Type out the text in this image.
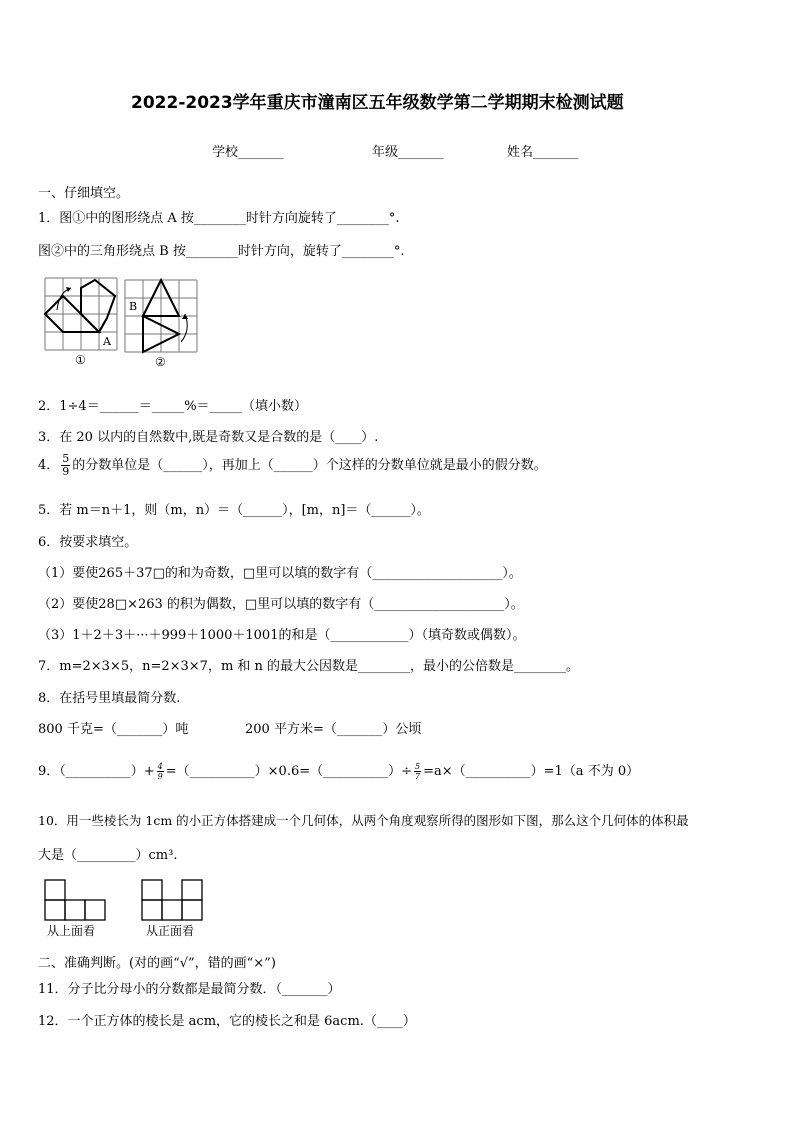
2022-2023学年重庆市潼南区五年级数学第二学期期末检测试题
学校_______	年级_______	姓名_______
一、仔细填空。
1．图①中的图形绕点 A 按________时针方向旋转了________°.
图②中的三角形绕点 B 按________时针方向，旋转了________°.
A
①
B
②
2．1÷4＝______＝_____%＝_____（填小数）
3．在 20 以内的自然数中,既是奇数又是合数的是（____）.
4． $\frac{5}{9}$ 的分数单位是（______），再加上（______）个这样的分数单位就是最小的假分数。
5．若 m＝n＋1，则（m，n）＝（______），[m，n]＝（______）。
6．按要求填空。
（1）要使265＋37□的和为奇数，□里可以填的数字有（____________________）。
（2）要使28□×263 的积为偶数，□里可以填的数字有（____________________）。
（3）1＋2＋3＋···＋999＋1000＋1001的和是（____________）（填奇数或偶数）。
7．m=2×3×5，n=2×3×7，m 和 n 的最大公因数是________，最小的公倍数是________。
8．在括号里填最简分数.
800 千克=（_______）吨	200 平方米=（_______）公顷
9．（__________）+ $\frac{4}{9}$ =（__________）×0.6=（__________）÷ $\frac{5}{7}$ =a×（__________）=1（a 不为 0）
10．用一些棱长为 1cm 的小正方体搭建成一个几何体，从两个角度观察所得的图形如下图，那么这个几何体的体积最
大是（_________）cm³.
从上面看	从正面看
二、准确判断。(对的画“√”，错的画“×”)
11．分子比分母小的分数都是最简分数．（_______）
12．一个正方体的棱长是 acm，它的棱长之和是 6acm.（____）
